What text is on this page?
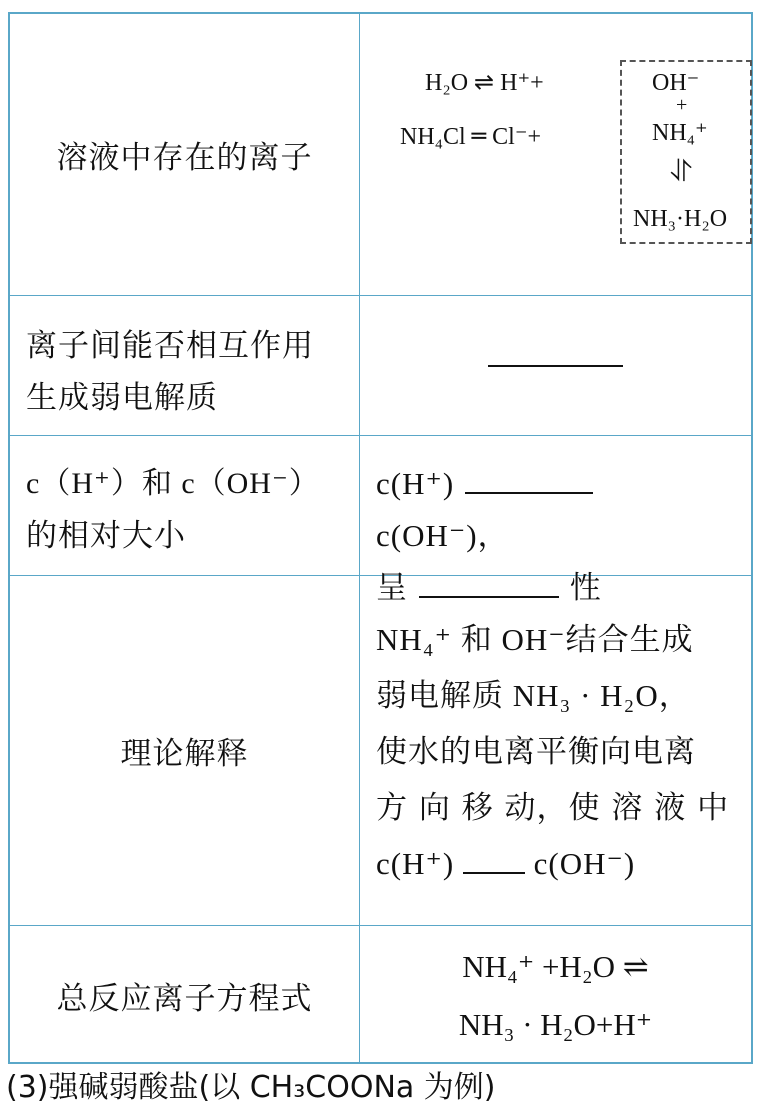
溶液中存在的离子
H₂O ⇌ H⁺+
NH₄Cl ═ Cl⁻+
OH⁻
+
NH₄⁺
⥯
NH₃·H₂O
离子间能否相互作用
生成弱电解质
c（H⁺）和 c（OH⁻）
的相对大小
c(H⁺)  c(OH⁻)，
呈	性
理论解释
NH₄⁺ 和 OH⁻结合生成
弱电解质 NH₃ · H₂O，
使水的电离平衡向电离
方 向 移 动，使 溶 液 中
c(H⁺)	c(OH⁻)
总反应离子方程式
NH₄⁺ +H₂O ⇌
NH₃ · H₂O+H⁺
(3)强碱弱酸盐(以 CH₃COONa 为例)
